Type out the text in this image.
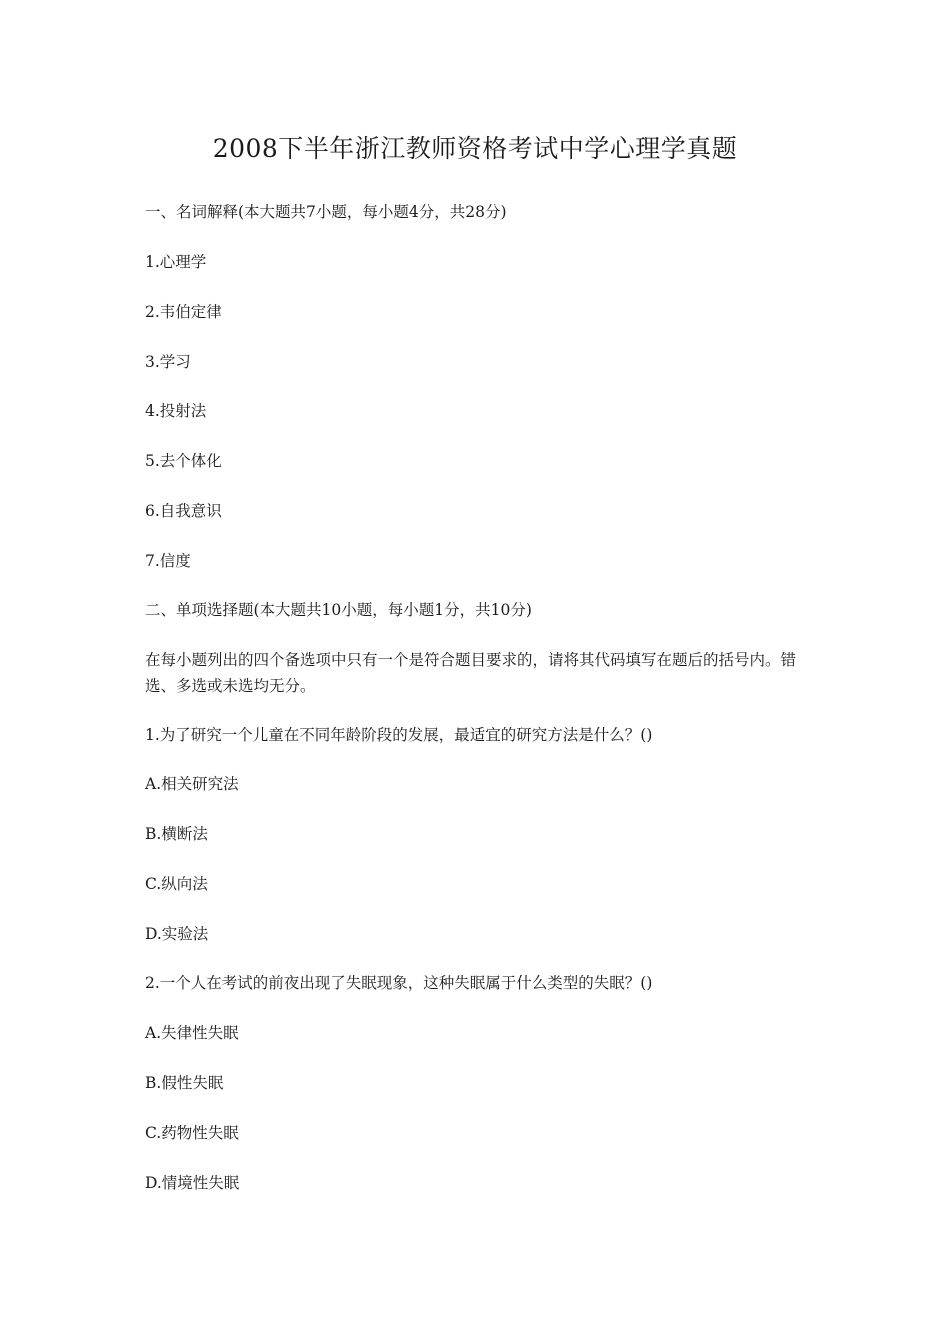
2008下半年浙江教师资格考试中学心理学真题
一、名词解释(本大题共7小题，每小题4分，共28分)
1.心理学
2.韦伯定律
3.学习
4.投射法
5.去个体化
6.自我意识
7.信度
二、单项选择题(本大题共10小题，每小题1分，共10分)
在每小题列出的四个备选项中只有一个是符合题目要求的，请将其代码填写在题后的括号内。错选、多选或未选均无分。
1.为了研究一个儿童在不同年龄阶段的发展，最适宜的研究方法是什么？()
A.相关研究法
B.横断法
C.纵向法
D.实验法
2.一个人在考试的前夜出现了失眠现象，这种失眠属于什么类型的失眠？()
A.失律性失眠
B.假性失眠
C.药物性失眠
D.情境性失眠
